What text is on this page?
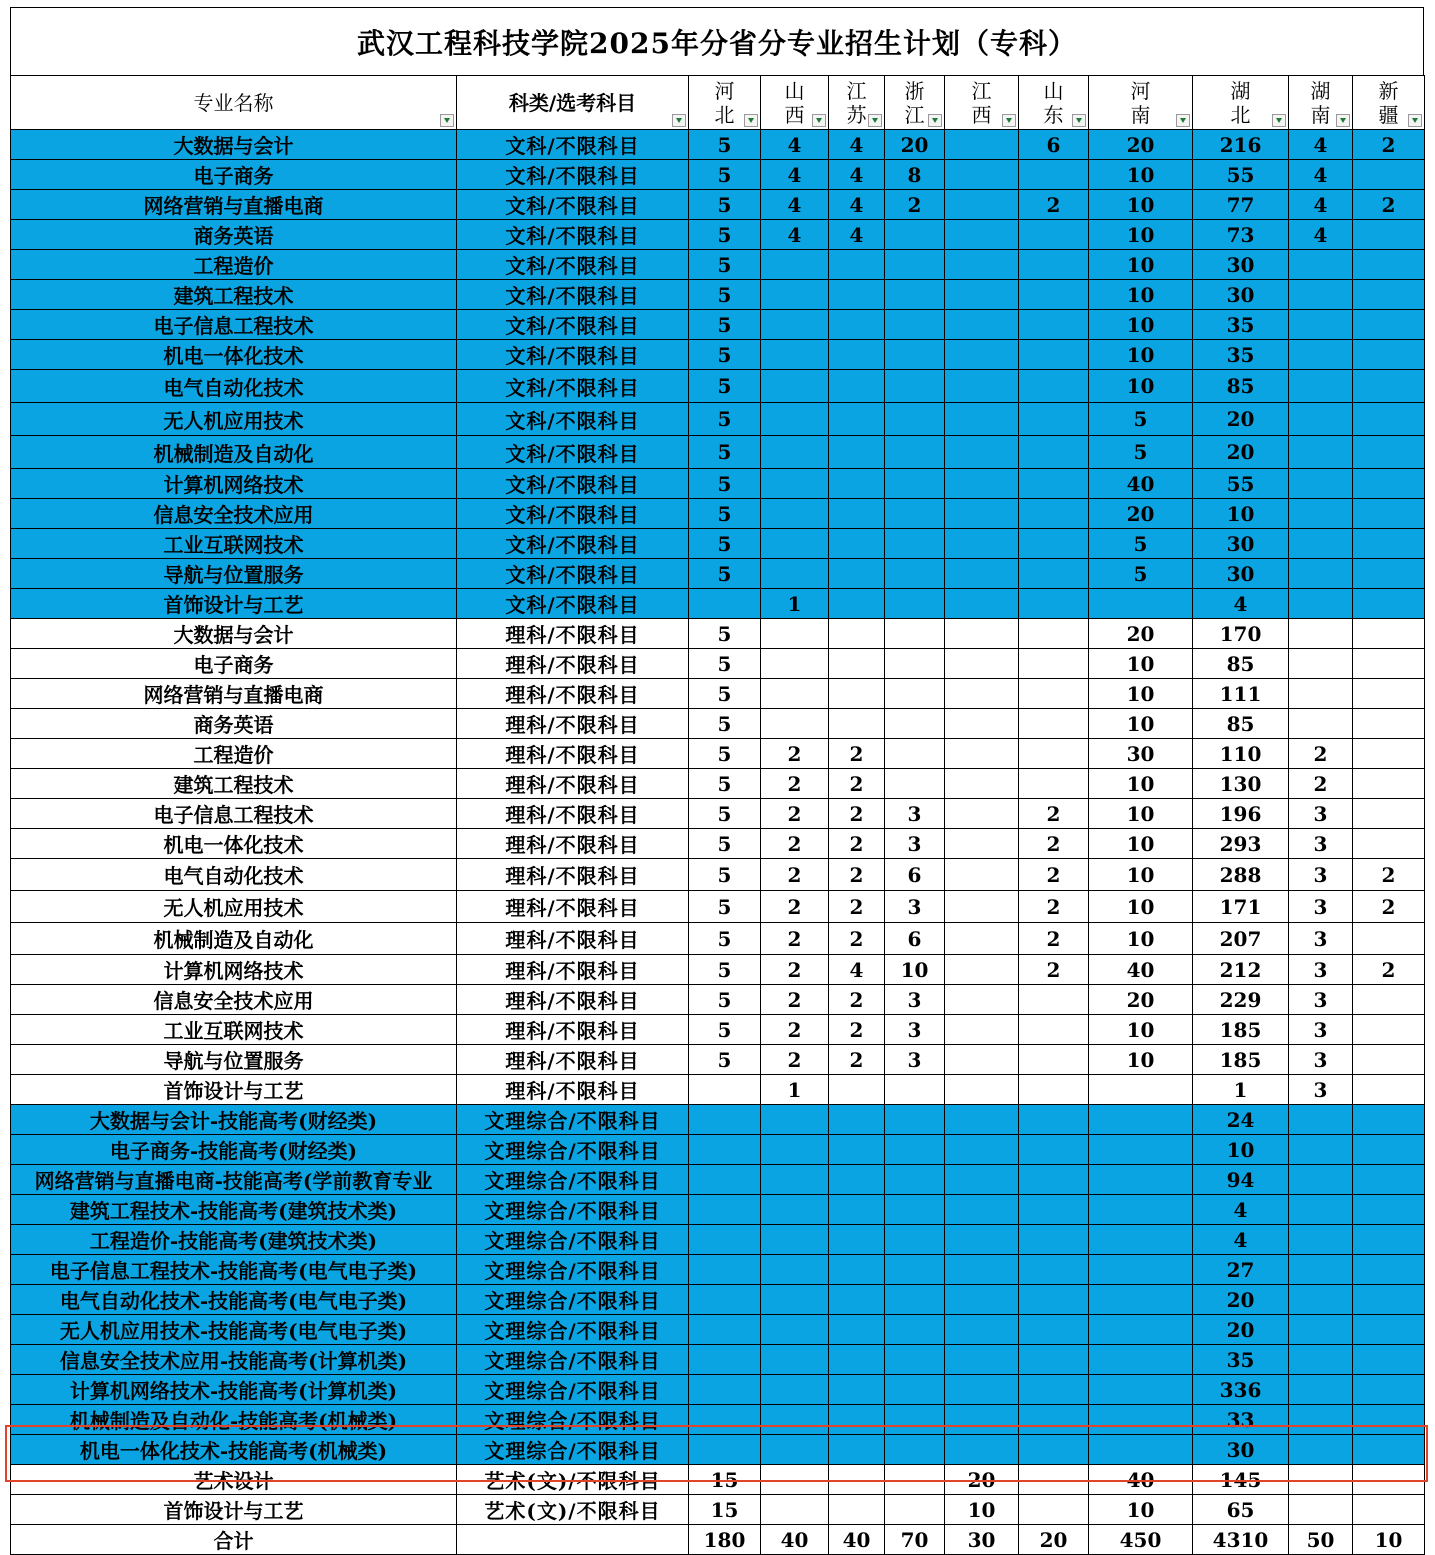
武汉工程科技学院2025年分省分专业招生计划（专科）
专业名称	科类/选考科目	河北	山西	江苏	浙江	江西	山东	河南	湖北	湖南	新疆

大数据与会计	文科/不限科目	5	4	4	20		6	20	216	4	2
电子商务	文科/不限科目	5	4	4	8			10	55	4	
网络营销与直播电商	文科/不限科目	5	4	4	2		2	10	77	4	2
商务英语	文科/不限科目	5	4	4				10	73	4	
工程造价	文科/不限科目	5						10	30		
建筑工程技术	文科/不限科目	5						10	30		
电子信息工程技术	文科/不限科目	5						10	35		
机电一体化技术	文科/不限科目	5						10	35		
电气自动化技术	文科/不限科目	5						10	85		
无人机应用技术	文科/不限科目	5						5	20		
机械制造及自动化	文科/不限科目	5						5	20		
计算机网络技术	文科/不限科目	5						40	55		
信息安全技术应用	文科/不限科目	5						20	10		
工业互联网技术	文科/不限科目	5						5	30		
导航与位置服务	文科/不限科目	5						5	30		
首饰设计与工艺	文科/不限科目		1						4		
大数据与会计	理科/不限科目	5						20	170		
电子商务	理科/不限科目	5						10	85		
网络营销与直播电商	理科/不限科目	5						10	111		
商务英语	理科/不限科目	5						10	85		
工程造价	理科/不限科目	5	2	2				30	110	2	
建筑工程技术	理科/不限科目	5	2	2				10	130	2	
电子信息工程技术	理科/不限科目	5	2	2	3		2	10	196	3	
机电一体化技术	理科/不限科目	5	2	2	3		2	10	293	3	
电气自动化技术	理科/不限科目	5	2	2	6		2	10	288	3	2
无人机应用技术	理科/不限科目	5	2	2	3		2	10	171	3	2
机械制造及自动化	理科/不限科目	5	2	2	6		2	10	207	3	
计算机网络技术	理科/不限科目	5	2	4	10		2	40	212	3	2
信息安全技术应用	理科/不限科目	5	2	2	3			20	229	3	
工业互联网技术	理科/不限科目	5	2	2	3			10	185	3	
导航与位置服务	理科/不限科目	5	2	2	3			10	185	3	
首饰设计与工艺	理科/不限科目		1						1	3	
大数据与会计-技能高考(财经类)	文理综合/不限科目								24		
电子商务-技能高考(财经类)	文理综合/不限科目								10		
网络营销与直播电商-技能高考(学前教育专业	文理综合/不限科目								94		
建筑工程技术-技能高考(建筑技术类)	文理综合/不限科目								4		
工程造价-技能高考(建筑技术类)	文理综合/不限科目								4		
电子信息工程技术-技能高考(电气电子类)	文理综合/不限科目								27		
电气自动化技术-技能高考(电气电子类)	文理综合/不限科目								20		
无人机应用技术-技能高考(电气电子类)	文理综合/不限科目								20		
信息安全技术应用-技能高考(计算机类)	文理综合/不限科目								35		
计算机网络技术-技能高考(计算机类)	文理综合/不限科目								336		
机械制造及自动化-技能高考(机械类)	文理综合/不限科目								33		
机电一体化技术-技能高考(机械类)	文理综合/不限科目								30		
艺术设计	艺术(文)/不限科目	15				20		40	145		
首饰设计与工艺	艺术(文)/不限科目	15				10		10	65		
合计		180	40	40	70	30	20	450	4310	50	10
